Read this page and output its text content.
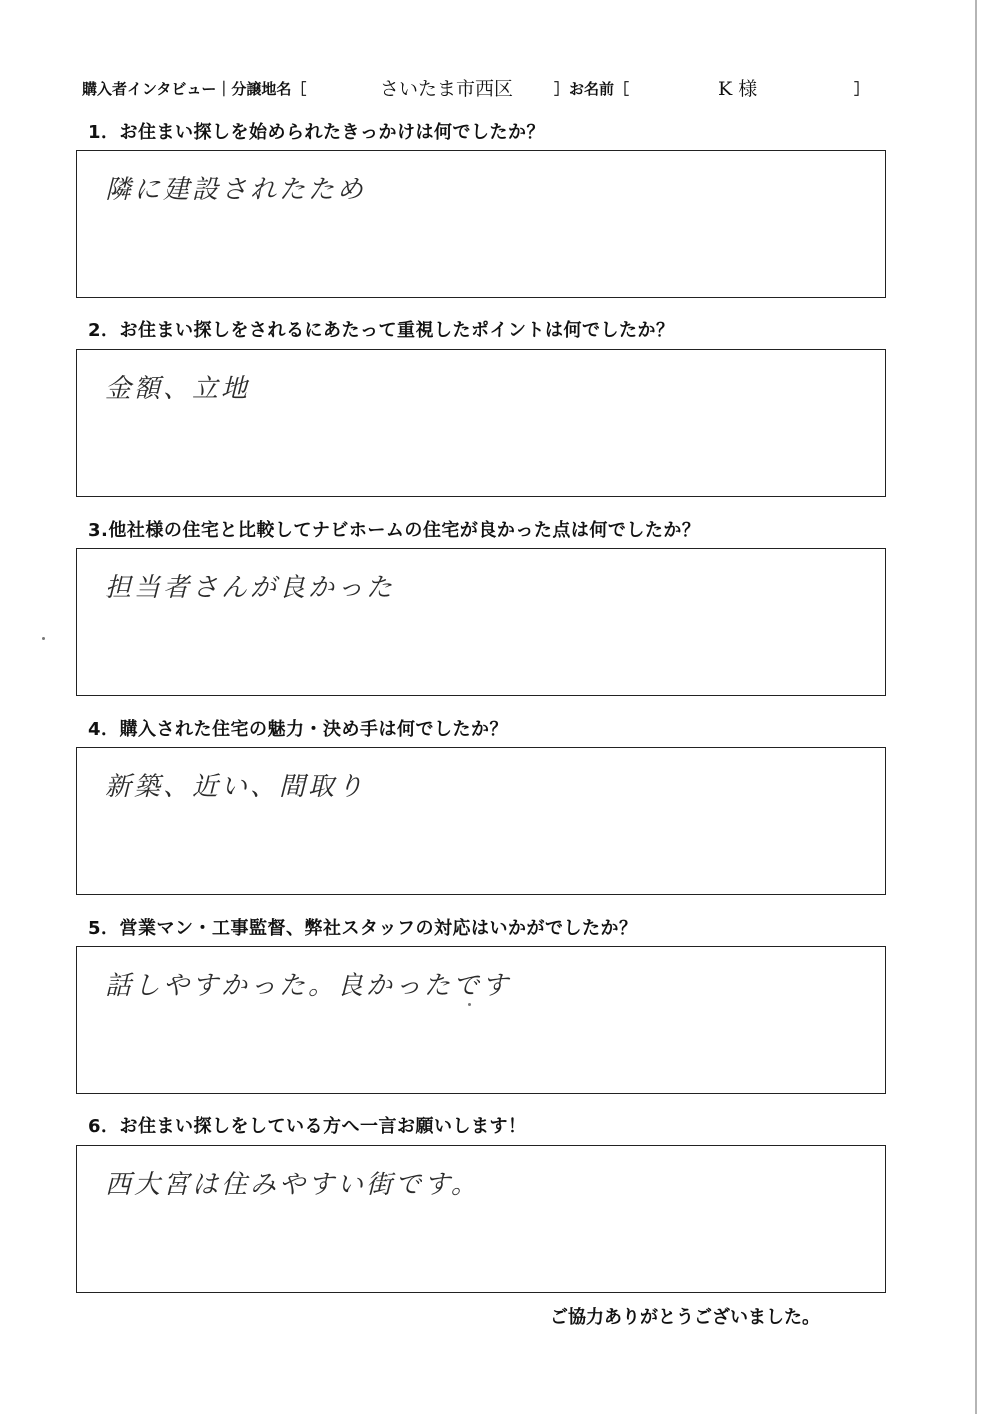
購入者インタビュー｜分譲地名［	さいたま市西区	］お名前［	K 様	］
1．お住まい探しを始められたきっかけは何でしたか？
隣に建設されたため
2．お住まい探しをされるにあたって重視したポイントは何でしたか？
金額、立地
3.他社様の住宅と比較してナビホームの住宅が良かった点は何でしたか？
担当者さんが良かった
4．購入された住宅の魅力・決め手は何でしたか？
新築、近い、間取り
5．営業マン・工事監督、弊社スタッフの対応はいかがでしたか？
話しやすかった。良かったです
6．お住まい探しをしている方へ一言お願いします！
西大宮は住みやすい街です。
ご協力ありがとうございました。
